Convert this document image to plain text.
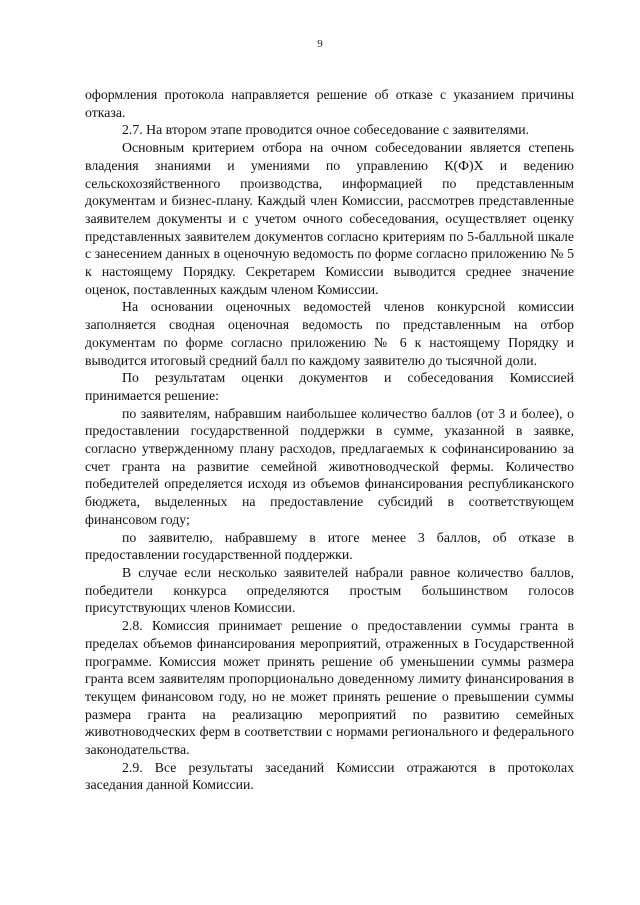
9

оформления протокола направляется решение об отказе с указанием причины отказа.

2.7. На втором этапе проводится очное собеседование с заявителями.

Основным критерием отбора на очном собеседовании является степень владения знаниями и умениями по управлению К(Ф)Х и ведению сельскохозяйственного производства, информацией по представленным документам и бизнес-плану. Каждый член Комиссии, рассмотрев представленные заявителем документы и с учетом очного собеседования, осуществляет оценку представленных заявителем документов согласно критериям по 5-балльной шкале с занесением данных в оценочную ведомость по форме согласно приложению № 5 к настоящему Порядку. Секретарем Комиссии выводится среднее значение оценок, поставленных каждым членом Комиссии.

На основании оценочных ведомостей членов конкурсной комиссии заполняется сводная оценочная ведомость по представленным на отбор документам по форме согласно приложению № 6 к настоящему Порядку и выводится итоговый средний балл по каждому заявителю до тысячной доли.

По результатам оценки документов и собеседования Комиссией принимается решение:

по заявителям, набравшим наибольшее количество баллов (от 3 и более), о предоставлении государственной поддержки в сумме, указанной в заявке, согласно утвержденному плану расходов, предлагаемых к софинансированию за счет гранта на развитие семейной животноводческой фермы. Количество победителей определяется исходя из объемов финансирования республиканского бюджета, выделенных на предоставление субсидий в соответствующем финансовом году;

по заявителю, набравшему в итоге менее 3 баллов, об отказе в предоставлении государственной поддержки.

В случае если несколько заявителей набрали равное количество баллов, победители конкурса определяются простым большинством голосов присутствующих членов Комиссии.

2.8. Комиссия принимает решение о предоставлении суммы гранта в пределах объемов финансирования мероприятий, отраженных в Государственной программе. Комиссия может принять решение об уменьшении суммы размера гранта всем заявителям пропорционально доведенному лимиту финансирования в текущем финансовом году, но не может принять решение о превышении суммы размера гранта на реализацию мероприятий по развитию семейных животноводческих ферм в соответствии с нормами регионального и федерального законодательства.

2.9. Все результаты заседаний Комиссии отражаются в протоколах заседания данной Комиссии.
